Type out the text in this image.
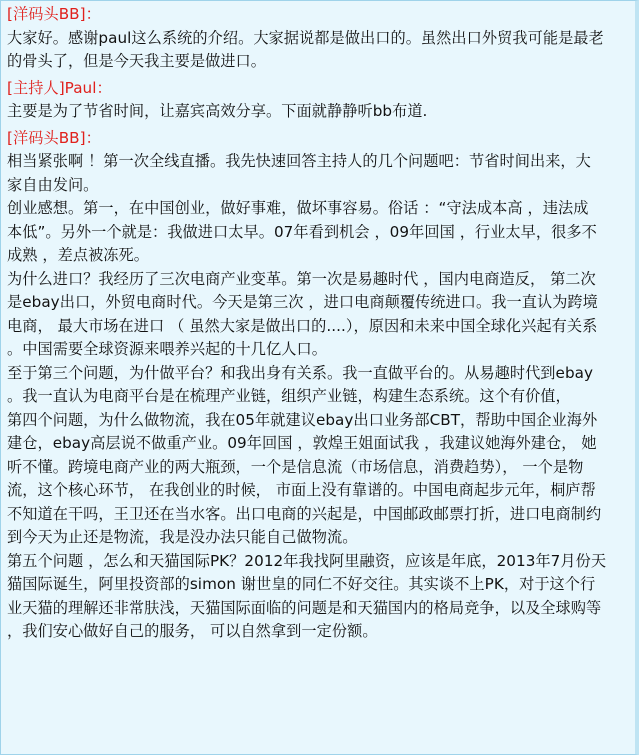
[洋码头BB]：
大家好。感谢paul这么系统的介绍。大家据说都是做出口的。虽然出口外贸我可能是最老
的骨头了，但是今天我主要是做进口。
[主持人]Paul：
主要是为了节省时间，让嘉宾高效分享。下面就静静听bb布道.
[洋码头BB]：
相当紧张啊 ！第一次全线直播。我先快速回答主持人的几个问题吧：节省时间出来，大
家自由发问。
创业感想。第一，在中国创业，做好事难，做坏事容易。俗话 ：“守法成本高 ，违法成
本低”。另外一个就是：我做进口太早。07年看到机会 ，09年回国 ，行业太早，很多不
成熟 ，差点被冻死。
为什么进口？我经历了三次电商产业变革。第一次是易趣时代 ，国内电商造反， 第二次
是ebay出口，外贸电商时代。今天是第三次 ，进口电商颠覆传统进口。我一直认为跨境
电商， 最大市场在进口 （ 虽然大家是做出口的....），原因和未来中国全球化兴起有关系
。中国需要全球资源来喂养兴起的十几亿人口。
至于第三个问题，为什做平台？和我出身有关系。我一直做平台的。从易趣时代到ebay
。我一直认为电商平台是在梳理产业链，组织产业链，构建生态系统。这个有价值，
第四个问题，为什么做物流，我在05年就建议ebay出口业务部CBT，帮助中国企业海外
建仓，ebay高层说不做重产业。09年回国 ，敦煌王姐面试我 ，我建议她海外建仓， 她
听不懂。跨境电商产业的两大瓶颈，一个是信息流（市场信息，消费趋势）， 一个是物
流，这个核心环节， 在我创业的时候， 市面上没有靠谱的。中国电商起步元年，桐庐帮
不知道在干吗，王卫还在当水客。出口电商的兴起是，中国邮政邮票打折，进口电商制约
到今天为止还是物流，我是没办法只能自己做物流。
第五个问题 ，怎么和天猫国际PK？2012年我找阿里融资，应该是年底，2013年7月份天
猫国际诞生，阿里投资部的simon 谢世皇的同仁不好交往。其实谈不上PK，对于这个行
业天猫的理解还非常肤浅，天猫国际面临的问题是和天猫国内的格局竞争，以及全球购等
，我们安心做好自己的服务， 可以自然拿到一定份额。
